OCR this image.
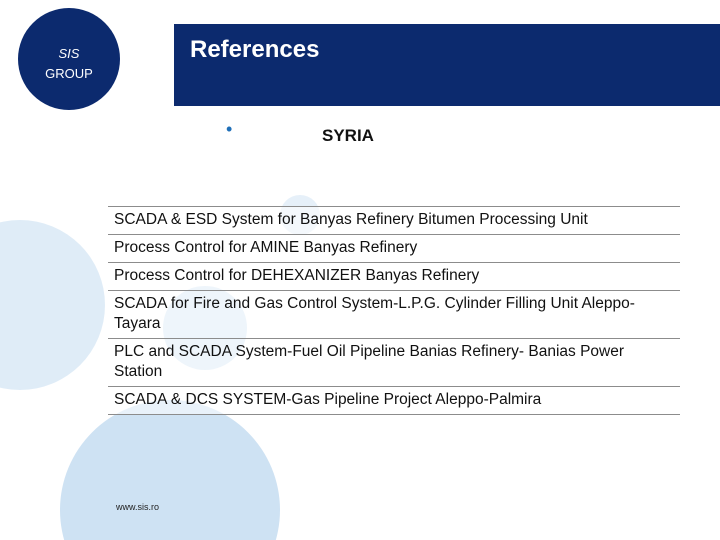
SIS
GROUP
References
•	SYRIA
SCADA & ESD System for Banyas Refinery Bitumen Processing Unit
Process Control for AMINE Banyas Refinery
Process Control for DEHEXANIZER Banyas Refinery
SCADA for Fire and Gas Control System-L.P.G. Cylinder Filling Unit Aleppo-Tayara
PLC and SCADA System-Fuel Oil Pipeline Banias Refinery- Banias Power Station
SCADA & DCS SYSTEM-Gas Pipeline Project Aleppo-Palmira
www.sis.ro
